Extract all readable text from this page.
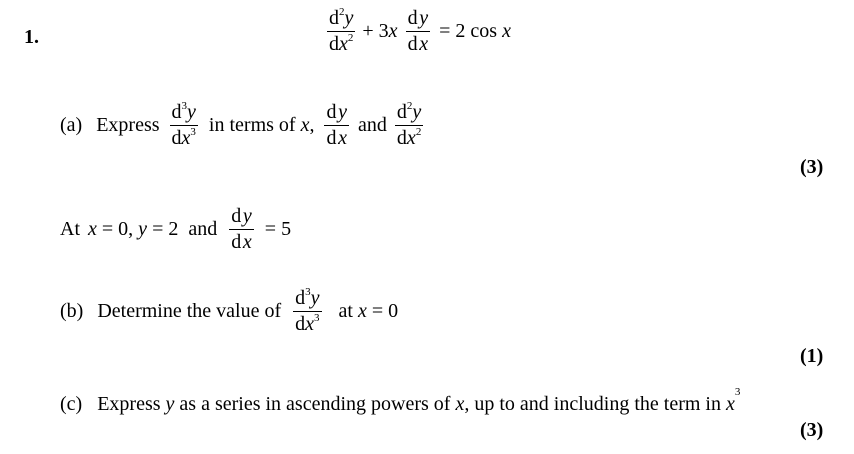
1.	$\frac{d^2y}{dx^2} + 3$ x $\frac{\text{d y}}{\text{d x}} = 2$ cos
x
(a) Express $\frac{d^3y}{dx^3}$ in terms of
x , $\frac{\text{d y}}{\text{d x}}$ and $\frac{d^2y}{dx^2}$
(3)
At x
= 0,
y
= 2 and $\frac{\text{d y}}{\text{d x}} = 5$
(b) Determine the value of $\frac{d^3y}{dx^3}$ at
x
= 0
(1)
(c) Express y as a series in ascending powers of x, up to and including the term in $x^3$
(3)
